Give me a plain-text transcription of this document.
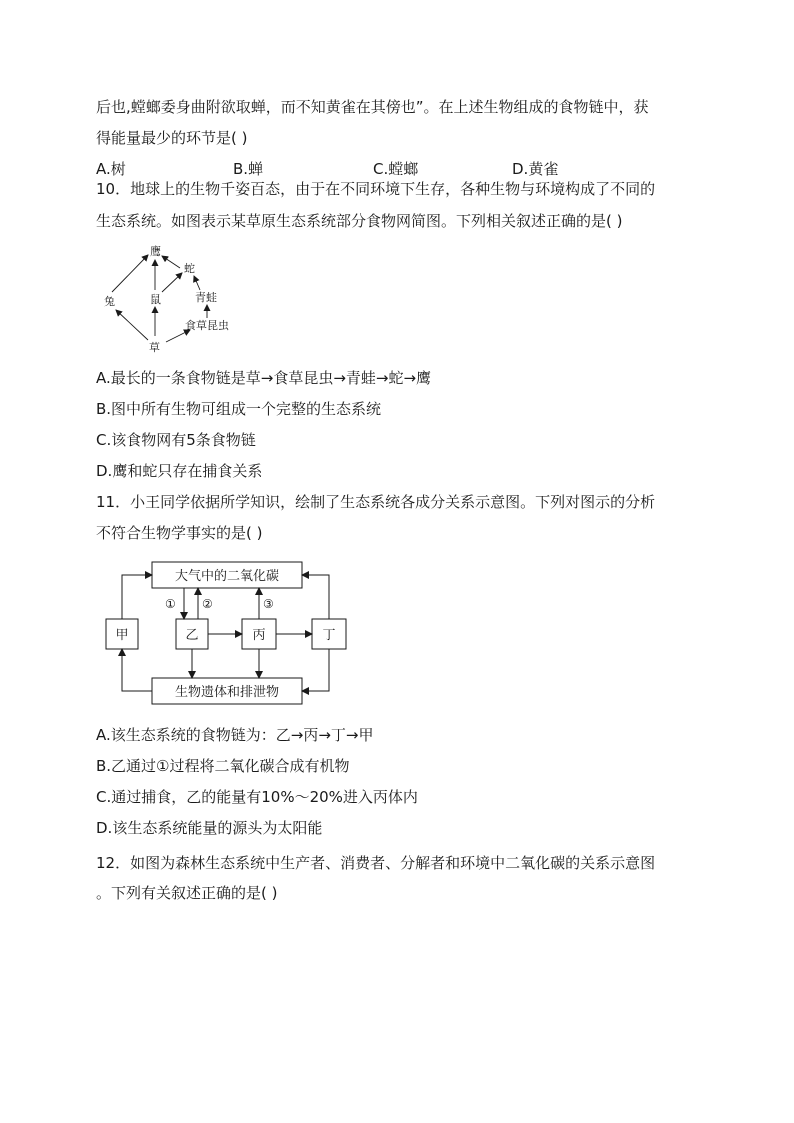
后也,螳螂委身曲附欲取蝉，而不知黄雀在其傍也”。在上述生物组成的食物链中，获
得能量最少的环节是( )
A.树	B.蝉	C.螳螂	D.黄雀
10．地球上的生物千姿百态，由于在不同环境下生存，各种生物与环境构成了不同的
生态系统。如图表示某草原生态系统部分食物网简图。下列相关叙述正确的是( )
鹰
蛇
兔	鼠	青蛙
食草昆虫
草
A.最长的一条食物链是草→食草昆虫→青蛙→蛇→鹰
B.图中所有生物可组成一个完整的生态系统
C.该食物网有5条食物链
D.鹰和蛇只存在捕食关系
11．小王同学依据所学知识，绘制了生态系统各成分关系示意图。下列对图示的分析
不符合生物学事实的是( )
大气中的二氧化碳
甲	乙	丙	丁
生物遗体和排泄物
① ②	③
A.该生态系统的食物链为：乙→丙→丁→甲
B.乙通过①过程将二氧化碳合成有机物
C.通过捕食，乙的能量有10%～20%进入丙体内
D.该生态系统能量的源头为太阳能
12．如图为森林生态系统中生产者、消费者、分解者和环境中二氧化碳的关系示意图
。下列有关叙述正确的是( )
